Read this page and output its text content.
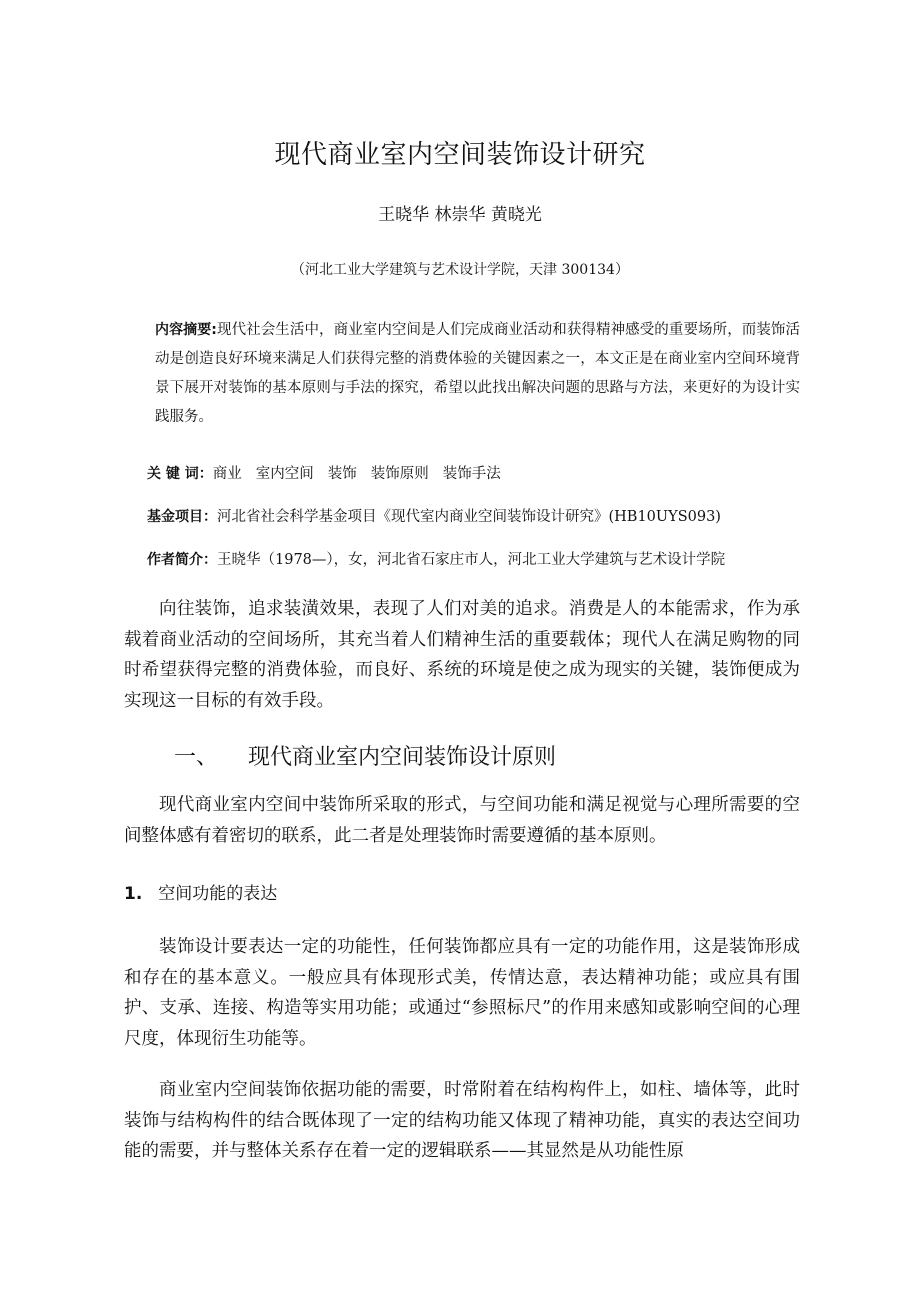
现代商业室内空间装饰设计研究
王晓华 林崇华 黄晓光
（河北工业大学建筑与艺术设计学院，天津 300134）
内容摘要:现代社会生活中，商业室内空间是人们完成商业活动和获得精神感受的重要场所，而装饰活动是创造良好环境来满足人们获得完整的消费体验的关键因素之一，本文正是在商业室内空间环境背景下展开对装饰的基本原则与手法的探究，希望以此找出解决问题的思路与方法，来更好的为设计实践服务。
关 键 词：商业 室内空间 装饰 装饰原则 装饰手法
基金项目：河北省社会科学基金项目《现代室内商业空间装饰设计研究》(HB10UYS093)
作者简介：王晓华（1978—），女，河北省石家庄市人，河北工业大学建筑与艺术设计学院

向往装饰，追求装潢效果，表现了人们对美的追求。消费是人的本能需求，作为承载着商业活动的空间场所，其充当着人们精神生活的重要载体；现代人在满足购物的同时希望获得完整的消费体验，而良好、系统的环境是使之成为现实的关键，装饰便成为实现这一目标的有效手段。

一、 现代商业室内空间装饰设计原则

现代商业室内空间中装饰所采取的形式，与空间功能和满足视觉与心理所需要的空间整体感有着密切的联系，此二者是处理装饰时需要遵循的基本原则。

1. 空间功能的表达

装饰设计要表达一定的功能性，任何装饰都应具有一定的功能作用，这是装饰形成和存在的基本意义。一般应具有体现形式美，传情达意，表达精神功能；或应具有围护、支承、连接、构造等实用功能；或通过“参照标尺”的作用来感知或影响空间的心理尺度，体现衍生功能等。

商业室内空间装饰依据功能的需要，时常附着在结构构件上，如柱、墙体等，此时装饰与结构构件的结合既体现了一定的结构功能又体现了精神功能，真实的表达空间功能的需要，并与整体关系存在着一定的逻辑联系——其显然是从功能性原
